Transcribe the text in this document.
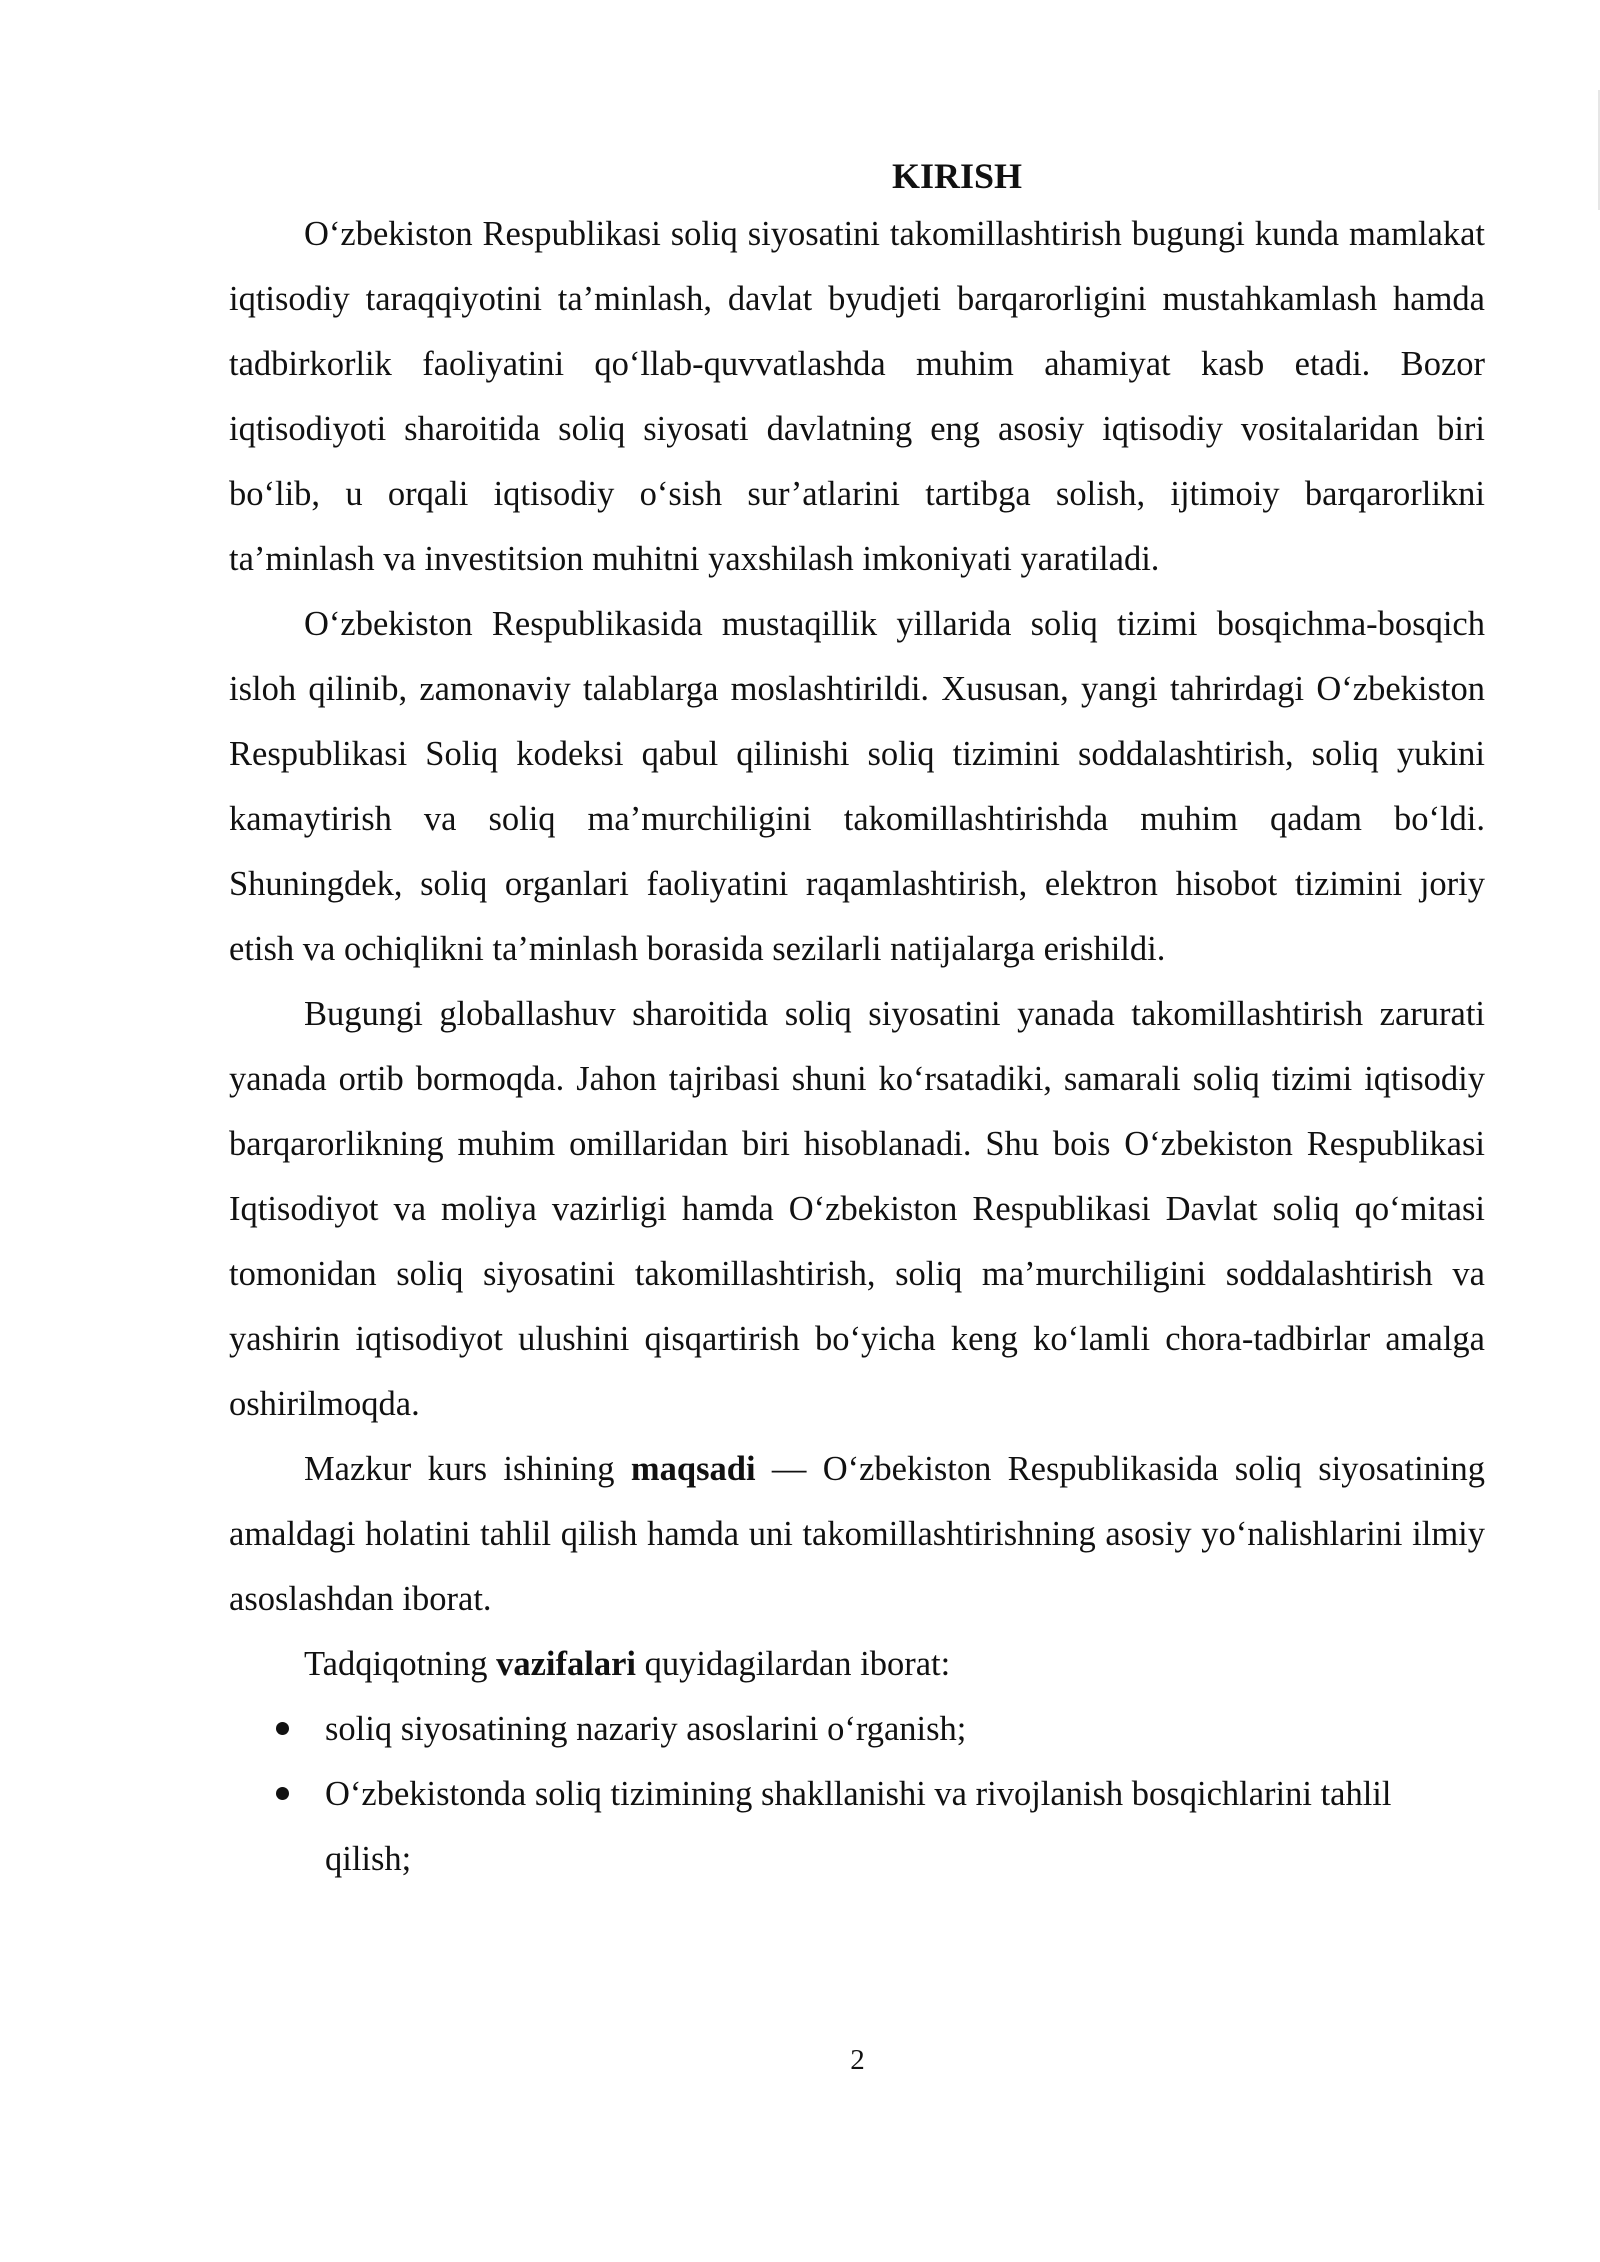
KIRISH

O‘zbekiston Respublikasi soliq siyosatini takomillashtirish bugungi kunda mamlakat iqtisodiy taraqqiyotini ta’minlash, davlat byudjeti barqarorligini mustahkamlash hamda tadbirkorlik faoliyatini qo‘llab-quvvatlashda muhim ahamiyat kasb etadi. Bozor iqtisodiyoti sharoitida soliq siyosati davlatning eng asosiy iqtisodiy vositalaridan biri bo‘lib, u orqali iqtisodiy o‘sish sur’atlarini tartibga solish, ijtimoiy barqarorlikni ta’minlash va investitsion muhitni yaxshilash imkoniyati yaratiladi.

O‘zbekiston Respublikasida mustaqillik yillarida soliq tizimi bosqichma-bosqich isloh qilinib, zamonaviy talablarga moslashtirildi. Xususan, yangi tahrirdagi O‘zbekiston Respublikasi Soliq kodeksi qabul qilinishi soliq tizimini soddalashtirish, soliq yukini kamaytirish va soliq ma’murchiligini takomillashtirishda muhim qadam bo‘ldi. Shuningdek, soliq organlari faoliyatini raqamlashtirish, elektron hisobot tizimini joriy etish va ochiqlikni ta’minlash borasida sezilarli natijalarga erishildi.

Bugungi globallashuv sharoitida soliq siyosatini yanada takomillashtirish zarurati yanada ortib bormoqda. Jahon tajribasi shuni ko‘rsatadiki, samarali soliq tizimi iqtisodiy barqarorlikning muhim omillaridan biri hisoblanadi. Shu bois O‘zbekiston Respublikasi Iqtisodiyot va moliya vazirligi hamda O‘zbekiston Respublikasi Davlat soliq qo‘mitasi tomonidan soliq siyosatini takomillashtirish, soliq ma’murchiligini soddalashtirish va yashirin iqtisodiyot ulushini qisqartirish bo‘yicha keng ko‘lamli chora-tadbirlar amalga oshirilmoqda.

Mazkur kurs ishining maqsadi — O‘zbekiston Respublikasida soliq siyosatining amaldagi holatini tahlil qilish hamda uni takomillashtirishning asosiy yo‘nalishlarini ilmiy asoslashdan iborat.

Tadqiqotning vazifalari quyidagilardan iborat:

soliq siyosatining nazariy asoslarini o‘rganish;
O‘zbekistonda soliq tizimining shakllanishi va rivojlanish bosqichlarini tahlil qilish;
2
